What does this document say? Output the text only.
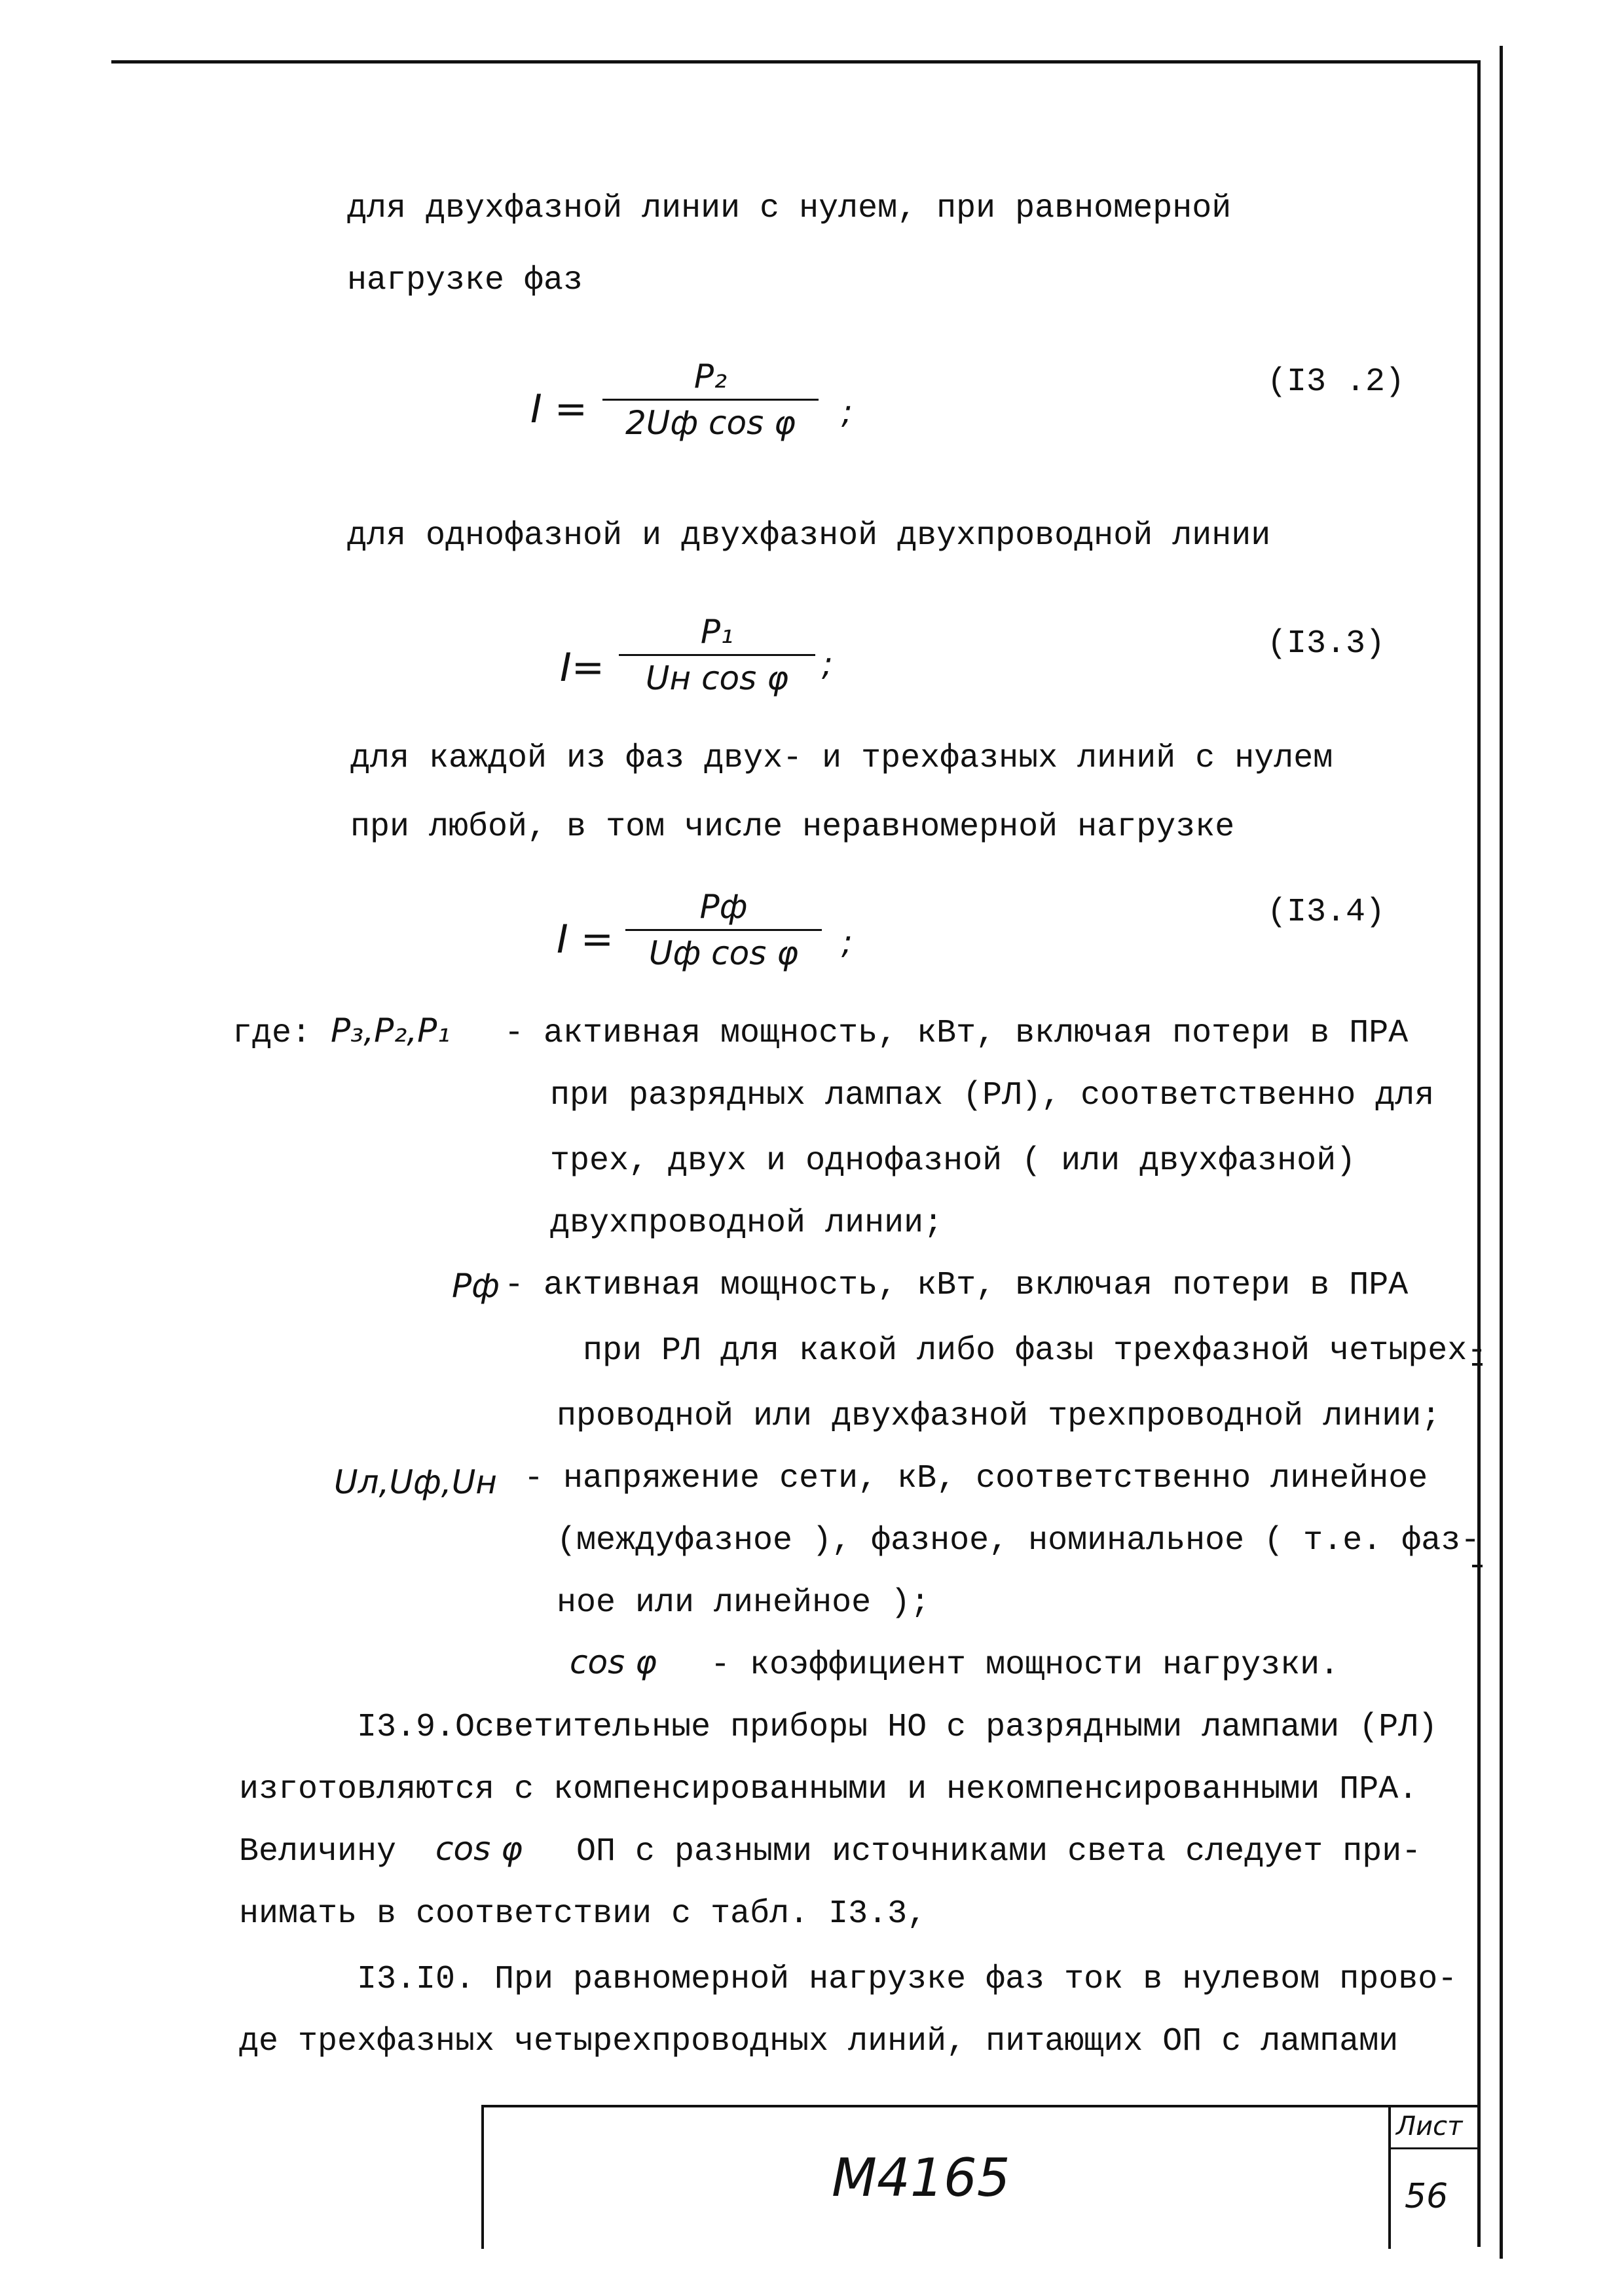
для двухфазной линии с нулем, при равномерной
нагрузке фаз
I =
P₂
2Uф cos φ	;
(I3 .2)
для однофазной и двухфазной двухпроводной линии
I=
P₁
Uн cos φ	;
(I3.3)
для каждой из фаз двух- и трехфазных линий с нулем
при любой, в том числе неравномерной нагрузке
I =
Pф
Uф cos φ	;
(I3.4)
где: P₃,P₂,P₁ - активная мощность, кВт, включая потери в ПРА
при разрядных лампах (РЛ), соответственно для
трех, двух и однофазной ( или двухфазной)
двухпроводной линии;
Pф - активная мощность, кВт, включая потери в ПРА
при РЛ для какой либо фазы трехфазной четырех-
проводной или двухфазной трехпроводной линии;
Uл,Uф,Uн - напряжение сети, кВ, соответственно линейное
(междуфазное ), фазное, номинальное ( т.е. фаз-
ное или линейное );
cos φ - коэффициент мощности нагрузки.
I3.9.Осветительные приборы НО с разрядными лампами (РЛ)
изготовляются с компенсированными и некомпенсированными ПРА.
Величину cos φ ОП с разными источниками света следует при-
нимать в соответствии с табл. I3.3,
I3.I0. При равномерной нагрузке фаз ток в нулевом прово-
де трехфазных четырехпроводных линий, питающих ОП с лампами
М4165
Лист
56
